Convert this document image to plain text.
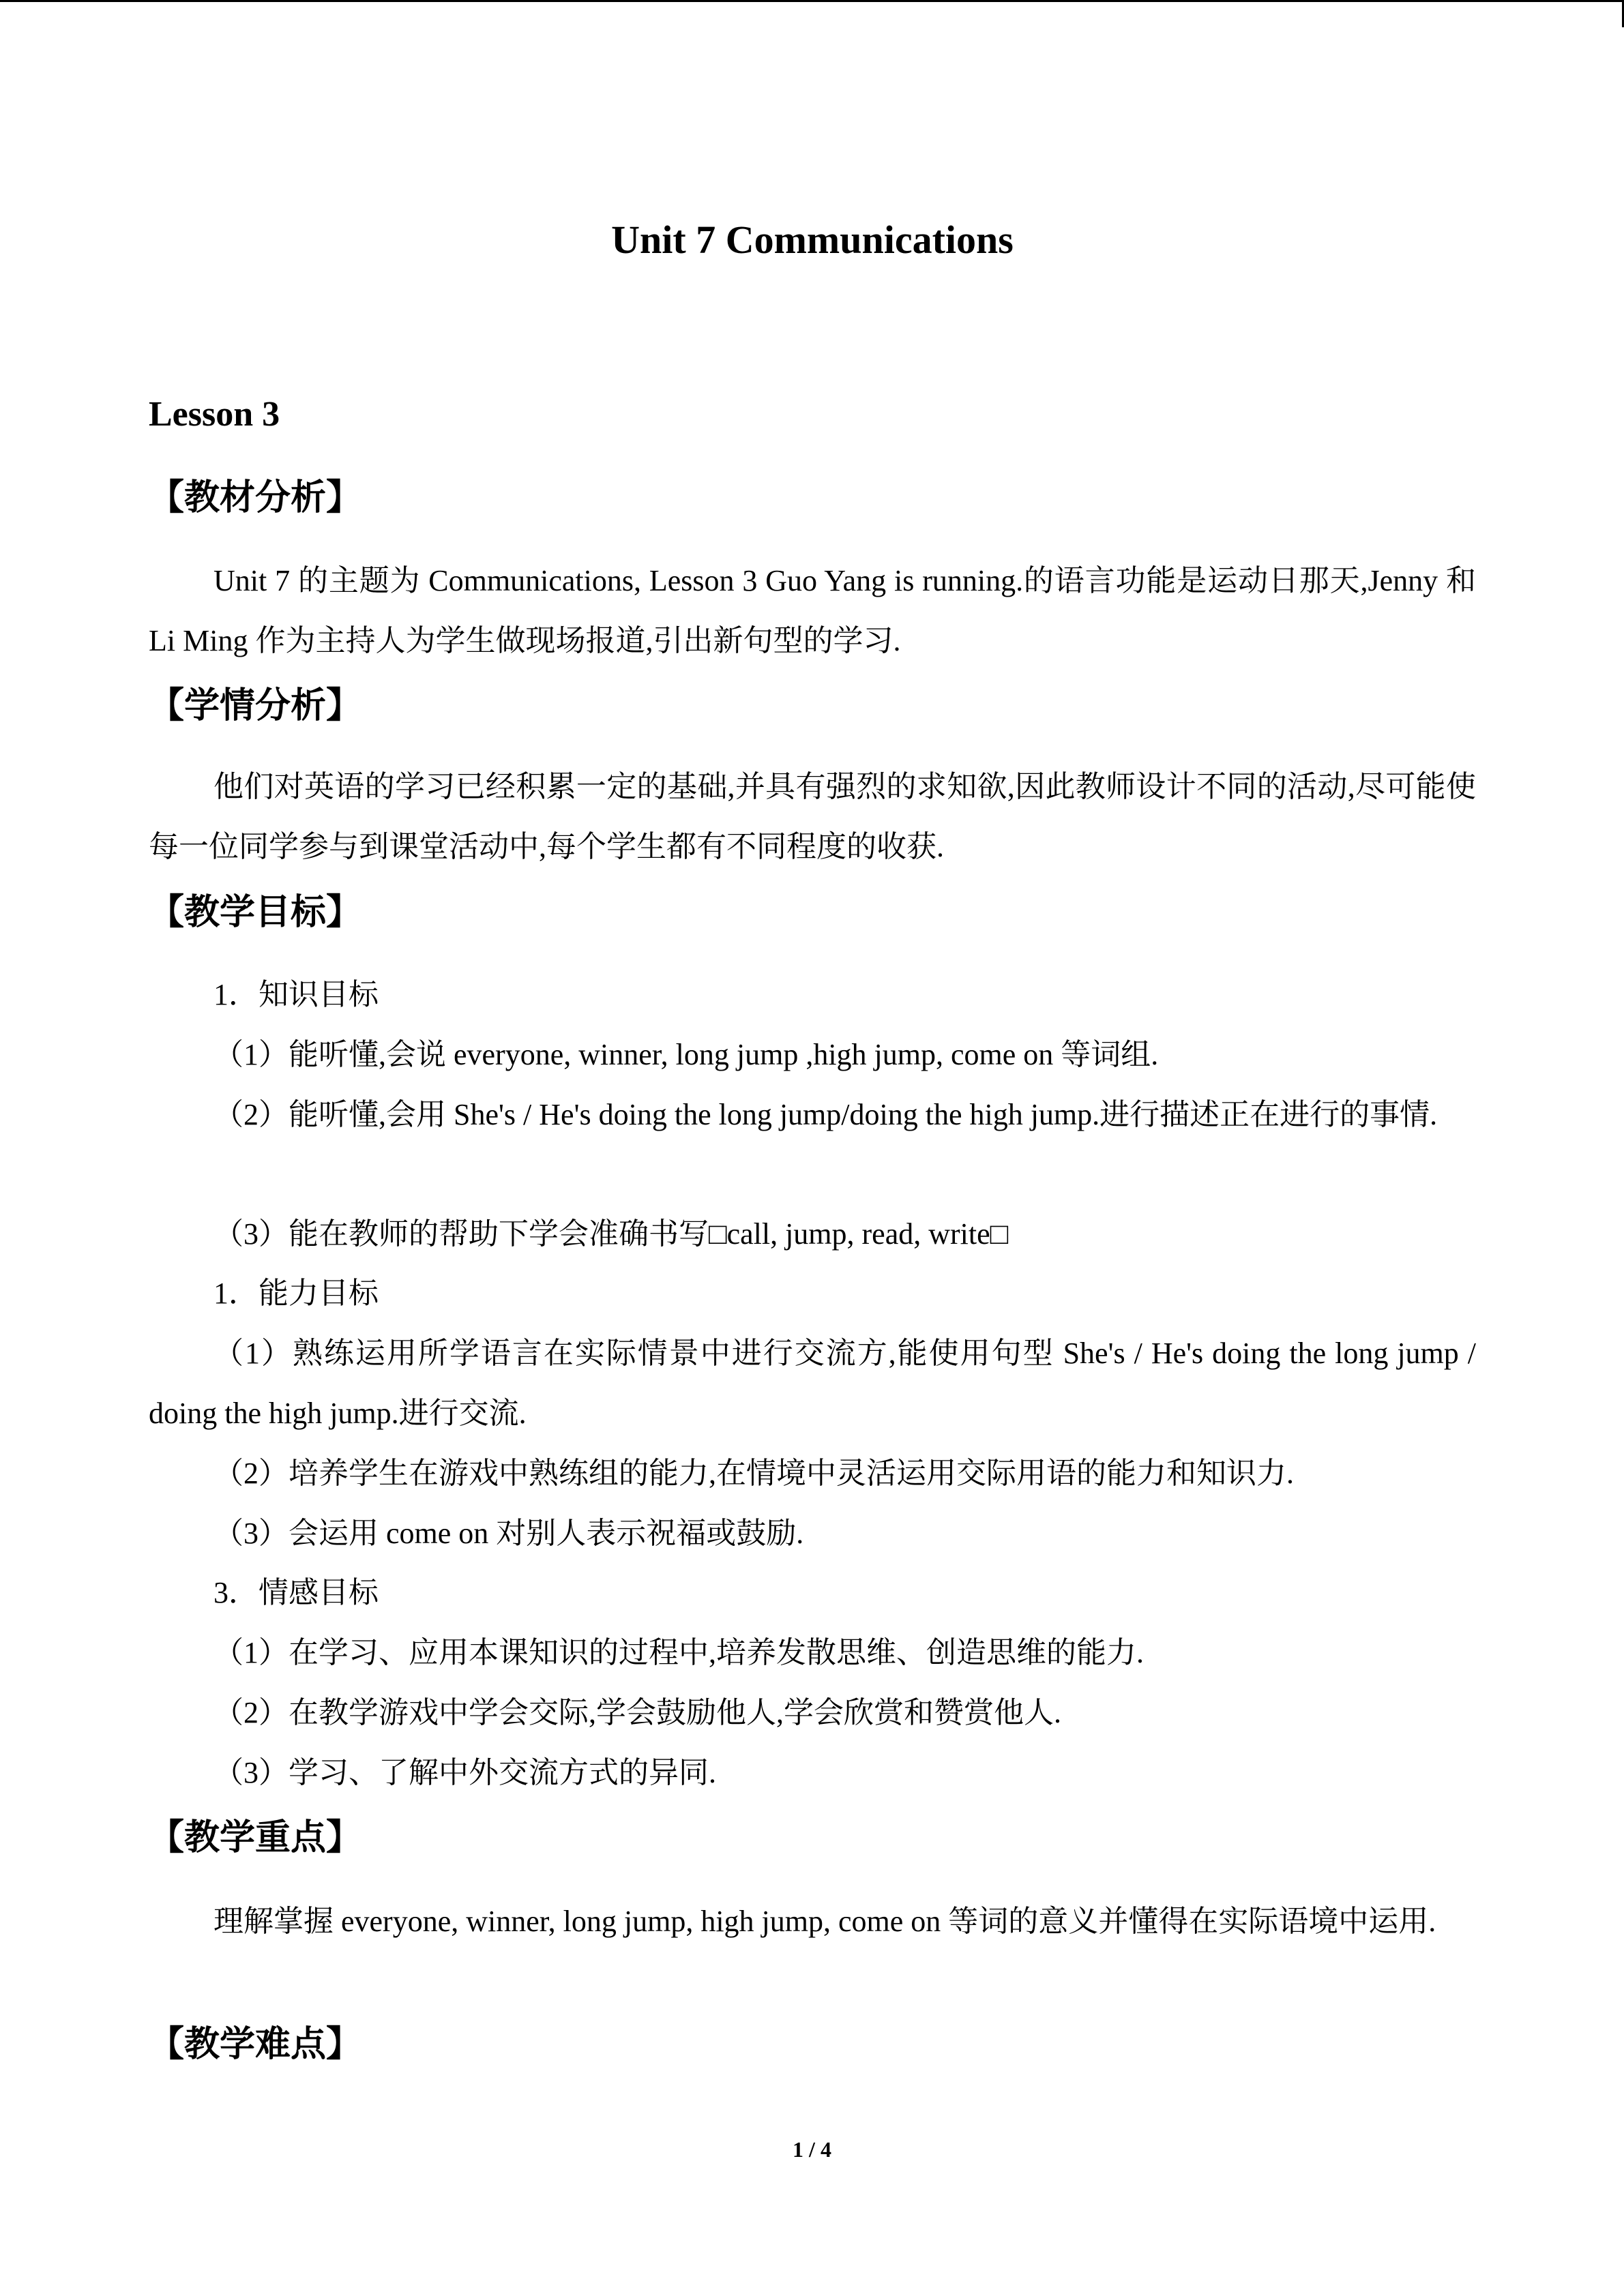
Unit 7 Communications
Lesson 3
【教材分析】
Unit 7 的主题为 Communications, Lesson 3 Guo Yang is running.的语言功能是运动日那天,Jenny 和 Li Ming 作为主持人为学生做现场报道,引出新句型的学习.
【学情分析】
他们对英语的学习已经积累一定的基础,并具有强烈的求知欲,因此教师设计不同的活动,尽可能使每一位同学参与到课堂活动中,每个学生都有不同程度的收获.
【教学目标】
1．知识目标
（1）能听懂,会说 everyone, winner, long jump ,high jump, come on 等词组.
（2）能听懂,会用 She's / He's doing the long jump/doing the high jump.进行描述正在进行的事情.
（3）能在教师的帮助下学会准确书写□call, jump, read, write□
1．能力目标
（1）熟练运用所学语言在实际情景中进行交流方,能使用句型 She's / He's doing the long jump / doing the high jump.进行交流.
（2）培养学生在游戏中熟练组的能力,在情境中灵活运用交际用语的能力和知识力.
（3）会运用 come on 对别人表示祝福或鼓励.
3．情感目标
（1）在学习、应用本课知识的过程中,培养发散思维、创造思维的能力.
（2）在教学游戏中学会交际,学会鼓励他人,学会欣赏和赞赏他人.
（3）学习、了解中外交流方式的异同.
【教学重点】
理解掌握 everyone, winner, long jump, high jump, come on 等词的意义并懂得在实际语境中运用.
【教学难点】
1 / 4
